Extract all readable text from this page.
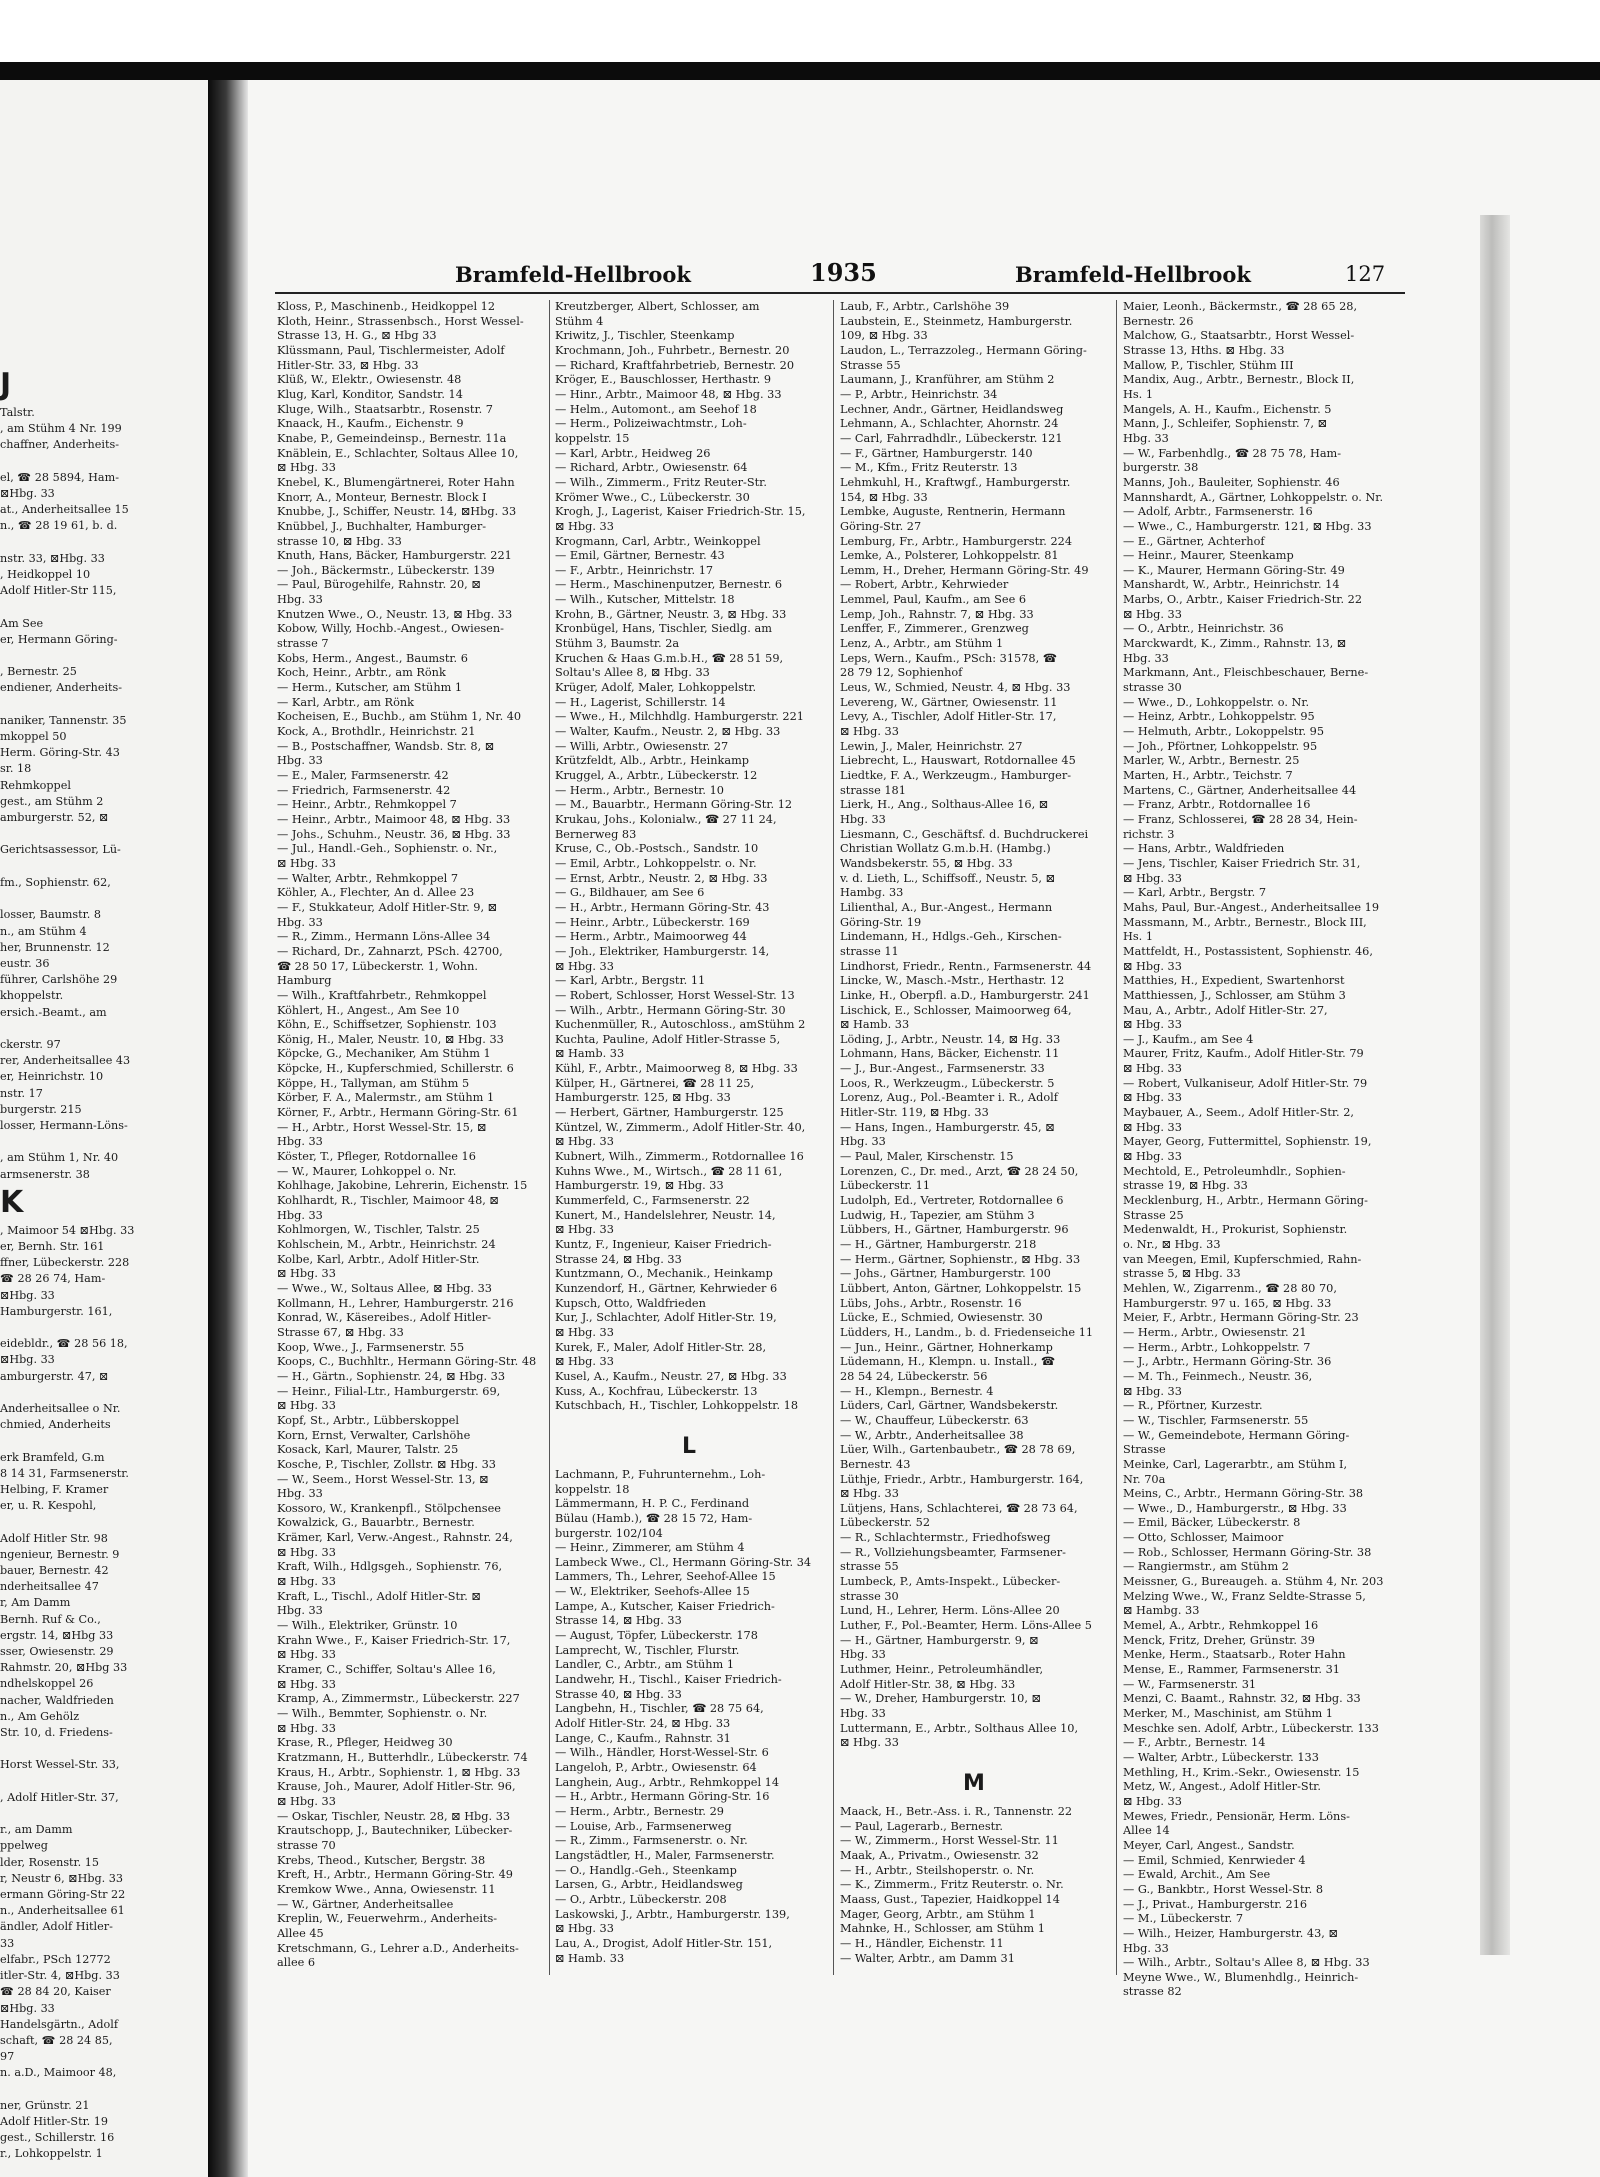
J
Talstr.
, am Stühm 4 Nr. 199
chaffner, Anderheits-

el, ☎ 28 5894, Ham-
⊠Hbg. 33
at., Anderheitsallee 15
n., ☎ 28 19 61, b. d.

nstr. 33, ⊠Hbg. 33
, Heidkoppel 10
Adolf Hitler-Str 115,

Am See
er, Hermann Göring-

, Bernestr. 25
endiener, Anderheits-

naniker, Tannenstr. 35
mkoppel 50
Herm. Göring-Str. 43
sr. 18
Rehmkoppel
gest., am Stühm 2
amburgerstr. 52, ⊠

Gerichtsassessor, Lü-

fm., Sophienstr. 62,

losser, Baumstr. 8
n., am Stühm 4
her, Brunnenstr. 12
eustr. 36
führer, Carlshöhe 29
khoppelstr.
ersich.-Beamt., am

ckerstr. 97
rer, Anderheitsallee 43
er, Heinrichstr. 10
nstr. 17
burgerstr. 215
losser, Hermann-Löns-

, am Stühm 1, Nr. 40
armsenerstr. 38
K
, Maimoor 54 ⊠Hbg. 33
er, Bernh. Str. 161
ffner, Lübeckerstr. 228
☎ 28 26 74, Ham-
⊠Hbg. 33
Hamburgerstr. 161,

eidebldr., ☎ 28 56 18,
⊠Hbg. 33
amburgerstr. 47, ⊠

Anderheitsallee o Nr.
chmied, Anderheits

erk Bramfeld, G.m
8 14 31, Farmsenerstr.
Helbing, F. Kramer
er, u. R. Kespohl,

Adolf Hitler Str. 98
ngenieur, Bernestr. 9
bauer, Bernestr. 42
nderheitsallee 47
r, Am Damm
Bernh. Ruf & Co.,
ergstr. 14, ⊠Hbg 33
sser, Owiesenstr. 29
Rahmstr. 20, ⊠Hbg 33
ndhelskoppel 26
nacher, Waldfrieden
n., Am Gehölz
Str. 10, d. Friedens-

Horst Wessel-Str. 33,

, Adolf Hitler-Str. 37,

r., am Damm
ppelweg
lder, Rosenstr. 15
r, Neustr 6, ⊠Hbg. 33
ermann Göring-Str 22
n., Anderheitsallee 61
ändler, Adolf Hitler-
33
elfabr., PSch 12772
itler-Str. 4, ⊠Hbg. 33
☎ 28 84 20, Kaiser
⊠Hbg. 33
Handelsgärtn., Adolf
schaft, ☎ 28 24 85,
97
n. a.D., Maimoor 48,

ner, Grünstr. 21
Adolf Hitler-Str. 19
gest., Schillerstr. 16
r., Lohkoppelstr. 1
Bramfeld-Hellbrook	1935	Bramfeld-Hellbrook	127
Kloss, P., Maschinenb., Heidkoppel 12
Kloth, Heinr., Strassenbsch., Horst Wessel-
Strasse 13, H. G., ⊠ Hbg 33
Klüssmann, Paul, Tischlermeister, Adolf
Hitler-Str. 33, ⊠ Hbg. 33
Klüß, W., Elektr., Owiesenstr. 48
Klug, Karl, Konditor, Sandstr. 14
Kluge, Wilh., Staatsarbtr., Rosenstr. 7
Knaack, H., Kaufm., Eichenstr. 9
Knabe, P., Gemeindeinsp., Bernestr. 11a
Knäblein, E., Schlachter, Soltaus Allee 10,
⊠ Hbg. 33
Knebel, K., Blumengärtnerei, Roter Hahn
Knorr, A., Monteur, Bernestr. Block I
Knubbe, J., Schiffer, Neustr. 14, ⊠Hbg. 33
Knübbel, J., Buchhalter, Hamburger-
strasse 10, ⊠ Hbg. 33
Knuth, Hans, Bäcker, Hamburgerstr. 221
— Joh., Bäckermstr., Lübeckerstr. 139
— Paul, Bürogehilfe, Rahnstr. 20, ⊠
Hbg. 33
Knutzen Wwe., O., Neustr. 13, ⊠ Hbg. 33
Kobow, Willy, Hochb.-Angest., Owiesen-
strasse 7
Kobs, Herm., Angest., Baumstr. 6
Koch, Heinr., Arbtr., am Rönk
— Herm., Kutscher, am Stühm 1
— Karl, Arbtr., am Rönk
Kocheisen, E., Buchb., am Stühm 1, Nr. 40
Kock, A., Brothdlr., Heinrichstr. 21
— B., Postschaffner, Wandsb. Str. 8, ⊠
Hbg. 33
— E., Maler, Farmsenerstr. 42
— Friedrich, Farmsenerstr. 42
— Heinr., Arbtr., Rehmkoppel 7
— Heinr., Arbtr., Maimoor 48, ⊠ Hbg. 33
— Johs., Schuhm., Neustr. 36, ⊠ Hbg. 33
— Jul., Handl.-Geh., Sophienstr. o. Nr.,
⊠ Hbg. 33
— Walter, Arbtr., Rehmkoppel 7
Köhler, A., Flechter, An d. Allee 23
— F., Stukkateur, Adolf Hitler-Str. 9, ⊠
Hbg. 33
— R., Zimm., Hermann Löns-Allee 34
— Richard, Dr., Zahnarzt, PSch. 42700,
☎ 28 50 17, Lübeckerstr. 1, Wohn.
Hamburg
— Wilh., Kraftfahrbetr., Rehmkoppel
Köhlert, H., Angest., Am See 10
Köhn, E., Schiffsetzer, Sophienstr. 103
König, H., Maler, Neustr. 10, ⊠ Hbg. 33
Köpcke, G., Mechaniker, Am Stühm 1
Köpcke, H., Kupferschmied, Schillerstr. 6
Köppe, H., Tallyman, am Stühm 5
Körber, F. A., Malermstr., am Stühm 1
Körner, F., Arbtr., Hermann Göring-Str. 61
— H., Arbtr., Horst Wessel-Str. 15, ⊠
Hbg. 33
Köster, T., Pfleger, Rotdornallee 16
— W., Maurer, Lohkoppel o. Nr.
Kohlhage, Jakobine, Lehrerin, Eichenstr. 15
Kohlhardt, R., Tischler, Maimoor 48, ⊠
Hbg. 33
Kohlmorgen, W., Tischler, Talstr. 25
Kohlschein, M., Arbtr., Heinrichstr. 24
Kolbe, Karl, Arbtr., Adolf Hitler-Str.
⊠ Hbg. 33
— Wwe., W., Soltaus Allee, ⊠ Hbg. 33
Kollmann, H., Lehrer, Hamburgerstr. 216
Konrad, W., Käsereibes., Adolf Hitler-
Strasse 67, ⊠ Hbg. 33
Koop, Wwe., J., Farmsenerstr. 55
Koops, C., Buchhltr., Hermann Göring-Str. 48
— H., Gärtn., Sophienstr. 24, ⊠ Hbg. 33
— Heinr., Filial-Ltr., Hamburgerstr. 69,
⊠ Hbg. 33
Kopf, St., Arbtr., Lübberskoppel
Korn, Ernst, Verwalter, Carlshöhe
Kosack, Karl, Maurer, Talstr. 25
Kosche, P., Tischler, Zollstr. ⊠ Hbg. 33
— W., Seem., Horst Wessel-Str. 13, ⊠
Hbg. 33
Kossoro, W., Krankenpfl., Stölpchensee
Kowalzick, G., Bauarbtr., Bernestr.
Krämer, Karl, Verw.-Angest., Rahnstr. 24,
⊠ Hbg. 33
Kraft, Wilh., Hdlgsgeh., Sophienstr. 76,
⊠ Hbg. 33
Kraft, L., Tischl., Adolf Hitler-Str. ⊠
Hbg. 33
— Wilh., Elektriker, Grünstr. 10
Krahn Wwe., F., Kaiser Friedrich-Str. 17,
⊠ Hbg. 33
Kramer, C., Schiffer, Soltau's Allee 16,
⊠ Hbg. 33
Kramp, A., Zimmermstr., Lübeckerstr. 227
— Wilh., Bemmter, Sophienstr. o. Nr.
⊠ Hbg. 33
Krase, R., Pfleger, Heidweg 30
Kratzmann, H., Butterhdlr., Lübeckerstr. 74
Kraus, H., Arbtr., Sophienstr. 1, ⊠ Hbg. 33
Krause, Joh., Maurer, Adolf Hitler-Str. 96,
⊠ Hbg. 33
— Oskar, Tischler, Neustr. 28, ⊠ Hbg. 33
Krautschopp, J., Bautechniker, Lübecker-
strasse 70
Krebs, Theod., Kutscher, Bergstr. 38
Kreft, H., Arbtr., Hermann Göring-Str. 49
Kremkow Wwe., Anna, Owiesenstr. 11
— W., Gärtner, Anderheitsallee
Kreplin, W., Feuerwehrm., Anderheits-
Allee 45
Kretschmann, G., Lehrer a.D., Anderheits-
allee 6
Kreutzberger, Albert, Schlosser, am
Stühm 4
Kriwitz, J., Tischler, Steenkamp
Krochmann, Joh., Fuhrbetr., Bernestr. 20
— Richard, Kraftfahrbetrieb, Bernestr. 20
Kröger, E., Bauschlosser, Herthastr. 9
— Hinr., Arbtr., Maimoor 48, ⊠ Hbg. 33
— Helm., Automont., am Seehof 18
— Herm., Polizeiwachtmstr., Loh-
koppelstr. 15
— Karl, Arbtr., Heidweg 26
— Richard, Arbtr., Owiesenstr. 64
— Wilh., Zimmerm., Fritz Reuter-Str.
Krömer Wwe., C., Lübeckerstr. 30
Krogh, J., Lagerist, Kaiser Friedrich-Str. 15,
⊠ Hbg. 33
Krogmann, Carl, Arbtr., Weinkoppel
— Emil, Gärtner, Bernestr. 43
— F., Arbtr., Heinrichstr. 17
— Herm., Maschinenputzer, Bernestr. 6
— Wilh., Kutscher, Mittelstr. 18
Krohn, B., Gärtner, Neustr. 3, ⊠ Hbg. 33
Kronbügel, Hans, Tischler, Siedlg. am
Stühm 3, Baumstr. 2a
Kruchen & Haas G.m.b.H., ☎ 28 51 59,
Soltau's Allee 8, ⊠ Hbg. 33
Krüger, Adolf, Maler, Lohkoppelstr.
— H., Lagerist, Schillerstr. 14
— Wwe., H., Milchhdlg. Hamburgerstr. 221
— Walter, Kaufm., Neustr. 2, ⊠ Hbg. 33
— Willi, Arbtr., Owiesenstr. 27
Krützfeldt, Alb., Arbtr., Heinkamp
Kruggel, A., Arbtr., Lübeckerstr. 12
— Herm., Arbtr., Bernestr. 10
— M., Bauarbtr., Hermann Göring-Str. 12
Krukau, Johs., Kolonialw., ☎ 27 11 24,
Bernerweg 83
Kruse, C., Ob.-Postsch., Sandstr. 10
— Emil, Arbtr., Lohkoppelstr. o. Nr.
— Ernst, Arbtr., Neustr. 2, ⊠ Hbg. 33
— G., Bildhauer, am See 6
— H., Arbtr., Hermann Göring-Str. 43
— Heinr., Arbtr., Lübeckerstr. 169
— Herm., Arbtr., Maimoorweg 44
— Joh., Elektriker, Hamburgerstr. 14,
⊠ Hbg. 33
— Karl, Arbtr., Bergstr. 11
— Robert, Schlosser, Horst Wessel-Str. 13
— Wilh., Arbtr., Hermann Göring-Str. 30
Kuchenmüller, R., Autoschloss., amStühm 2
Kuchta, Pauline, Adolf Hitler-Strasse 5,
⊠ Hamb. 33
Kühl, F., Arbtr., Maimoorweg 8, ⊠ Hbg. 33
Külper, H., Gärtnerei, ☎ 28 11 25,
Hamburgerstr. 125, ⊠ Hbg. 33
— Herbert, Gärtner, Hamburgerstr. 125
Küntzel, W., Zimmerm., Adolf Hitler-Str. 40,
⊠ Hbg. 33
Kubnert, Wilh., Zimmerm., Rotdornallee 16
Kuhns Wwe., M., Wirtsch., ☎ 28 11 61,
Hamburgerstr. 19, ⊠ Hbg. 33
Kummerfeld, C., Farmsenerstr. 22
Kunert, M., Handelslehrer, Neustr. 14,
⊠ Hbg. 33
Kuntz, F., Ingenieur, Kaiser Friedrich-
Strasse 24, ⊠ Hbg. 33
Kuntzmann, O., Mechanik., Heinkamp
Kunzendorf, H., Gärtner, Kehrwieder 6
Kupsch, Otto, Waldfrieden
Kur, J., Schlachter, Adolf Hitler-Str. 19,
⊠ Hbg. 33
Kurek, F., Maler, Adolf Hitler-Str. 28,
⊠ Hbg. 33
Kusel, A., Kaufm., Neustr. 27, ⊠ Hbg. 33
Kuss, A., Kochfrau, Lübeckerstr. 13
Kutschbach, H., Tischler, Lohkoppelstr. 18
L
Lachmann, P., Fuhrunternehm., Loh-
koppelstr. 18
Lämmermann, H. P. C., Ferdinand
Bülau (Hamb.), ☎ 28 15 72, Ham-
burgerstr. 102/104
— Heinr., Zimmerer, am Stühm 4
Lambeck Wwe., Cl., Hermann Göring-Str. 34
Lammers, Th., Lehrer, Seehof-Allee 15
— W., Elektriker, Seehofs-Allee 15
Lampe, A., Kutscher, Kaiser Friedrich-
Strasse 14, ⊠ Hbg. 33
— August, Töpfer, Lübeckerstr. 178
Lamprecht, W., Tischler, Flurstr.
Landler, C., Arbtr., am Stühm 1
Landwehr, H., Tischl., Kaiser Friedrich-
Strasse 40, ⊠ Hbg. 33
Langbehn, H., Tischler, ☎ 28 75 64,
Adolf Hitler-Str. 24, ⊠ Hbg. 33
Lange, C., Kaufm., Rahnstr. 31
— Wilh., Händler, Horst-Wessel-Str. 6
Langeloh, P., Arbtr., Owiesenstr. 64
Langhein, Aug., Arbtr., Rehmkoppel 14
— H., Arbtr., Hermann Göring-Str. 16
— Herm., Arbtr., Bernestr. 29
— Louise, Arb., Farmsenerweg
— R., Zimm., Farmsenerstr. o. Nr.
Langstädtler, H., Maler, Farmsenerstr.
— O., Handlg.-Geh., Steenkamp
Larsen, G., Arbtr., Heidlandsweg
— O., Arbtr., Lübeckerstr. 208
Laskowski, J., Arbtr., Hamburgerstr. 139,
⊠ Hbg. 33
Lau, A., Drogist, Adolf Hitler-Str. 151,
⊠ Hamb. 33
Laub, F., Arbtr., Carlshöhe 39
Laubstein, E., Steinmetz, Hamburgerstr.
109, ⊠ Hbg. 33
Laudon, L., Terrazzoleg., Hermann Göring-
Strasse 55
Laumann, J., Kranführer, am Stühm 2
— P., Arbtr., Heinrichstr. 34
Lechner, Andr., Gärtner, Heidlandsweg
Lehmann, A., Schlachter, Ahornstr. 24
— Carl, Fahrradhdlr., Lübeckerstr. 121
— F., Gärtner, Hamburgerstr. 140
— M., Kfm., Fritz Reuterstr. 13
Lehmkuhl, H., Kraftwgf., Hamburgerstr.
154, ⊠ Hbg. 33
Lembke, Auguste, Rentnerin, Hermann
Göring-Str. 27
Lemburg, Fr., Arbtr., Hamburgerstr. 224
Lemke, A., Polsterer, Lohkoppelstr. 81
Lemm, H., Dreher, Hermann Göring-Str. 49
— Robert, Arbtr., Kehrwieder
Lemmel, Paul, Kaufm., am See 6
Lemp, Joh., Rahnstr. 7, ⊠ Hbg. 33
Lenffer, F., Zimmerer., Grenzweg
Lenz, A., Arbtr., am Stühm 1
Leps, Wern., Kaufm., PSch: 31578, ☎
28 79 12, Sophienhof
Leus, W., Schmied, Neustr. 4, ⊠ Hbg. 33
Levereng, W., Gärtner, Owiesenstr. 11
Levy, A., Tischler, Adolf Hitler-Str. 17,
⊠ Hbg. 33
Lewin, J., Maler, Heinrichstr. 27
Liebrecht, L., Hauswart, Rotdornallee 45
Liedtke, F. A., Werkzeugm., Hamburger-
strasse 181
Lierk, H., Ang., Solthaus-Allee 16, ⊠
Hbg. 33
Liesmann, C., Geschäftsf. d. Buchdruckerei
Christian Wollatz G.m.b.H. (Hambg.)
Wandsbekerstr. 55, ⊠ Hbg. 33
v. d. Lieth, L., Schiffsoff., Neustr. 5, ⊠
Hambg. 33
Lilienthal, A., Bur.-Angest., Hermann
Göring-Str. 19
Lindemann, H., Hdlgs.-Geh., Kirschen-
strasse 11
Lindhorst, Friedr., Rentn., Farmsenerstr. 44
Lincke, W., Masch.-Mstr., Herthastr. 12
Linke, H., Oberpfl. a.D., Hamburgerstr. 241
Lischick, E., Schlosser, Maimoorweg 64,
⊠ Hamb. 33
Löding, J., Arbtr., Neustr. 14, ⊠ Hg. 33
Lohmann, Hans, Bäcker, Eichenstr. 11
— J., Bur.-Angest., Farmsenerstr. 33
Loos, R., Werkzeugm., Lübeckerstr. 5
Lorenz, Aug., Pol.-Beamter i. R., Adolf
Hitler-Str. 119, ⊠ Hbg. 33
— Hans, Ingen., Hamburgerstr. 45, ⊠
Hbg. 33
— Paul, Maler, Kirschenstr. 15
Lorenzen, C., Dr. med., Arzt, ☎ 28 24 50,
Lübeckerstr. 11
Ludolph, Ed., Vertreter, Rotdornallee 6
Ludwig, H., Tapezier, am Stühm 3
Lübbers, H., Gärtner, Hamburgerstr. 96
— H., Gärtner, Hamburgerstr. 218
— Herm., Gärtner, Sophienstr., ⊠ Hbg. 33
— Johs., Gärtner, Hamburgerstr. 100
Lübbert, Anton, Gärtner, Lohkoppelstr. 15
Lübs, Johs., Arbtr., Rosenstr. 16
Lücke, E., Schmied, Owiesenstr. 30
Lüdders, H., Landm., b. d. Friedenseiche 11
— Jun., Heinr., Gärtner, Hohnerkamp
Lüdemann, H., Klempn. u. Install., ☎
28 54 24, Lübeckerstr. 56
— H., Klempn., Bernestr. 4
Lüders, Carl, Gärtner, Wandsbekerstr.
— W., Chauffeur, Lübeckerstr. 63
— W., Arbtr., Anderheitsallee 38
Lüer, Wilh., Gartenbaubetr., ☎ 28 78 69,
Bernestr. 43
Lüthje, Friedr., Arbtr., Hamburgerstr. 164,
⊠ Hbg. 33
Lütjens, Hans, Schlachterei, ☎ 28 73 64,
Lübeckerstr. 52
— R., Schlachtermstr., Friedhofsweg
— R., Vollziehungsbeamter, Farmsener-
strasse 55
Lumbeck, P., Amts-Inspekt., Lübecker-
strasse 30
Lund, H., Lehrer, Herm. Löns-Allee 20
Luther, F., Pol.-Beamter, Herm. Löns-Allee 5
— H., Gärtner, Hamburgerstr. 9, ⊠
Hbg. 33
Luthmer, Heinr., Petroleumhändler,
Adolf Hitler-Str. 38, ⊠ Hbg. 33
— W., Dreher, Hamburgerstr. 10, ⊠
Hbg. 33
Luttermann, E., Arbtr., Solthaus Allee 10,
⊠ Hbg. 33
M
Maack, H., Betr.-Ass. i. R., Tannenstr. 22
— Paul, Lagerarb., Bernestr.
— W., Zimmerm., Horst Wessel-Str. 11
Maak, A., Privatm., Owiesenstr. 32
— H., Arbtr., Steilshoperstr. o. Nr.
— K., Zimmerm., Fritz Reuterstr. o. Nr.
Maass, Gust., Tapezier, Haidkoppel 14
Mager, Georg, Arbtr., am Stühm 1
Mahnke, H., Schlosser, am Stühm 1
— H., Händler, Eichenstr. 11
— Walter, Arbtr., am Damm 31
Maier, Leonh., Bäckermstr., ☎ 28 65 28,
Bernestr. 26
Malchow, G., Staatsarbtr., Horst Wessel-
Strasse 13, Hths. ⊠ Hbg. 33
Mallow, P., Tischler, Stühm III
Mandix, Aug., Arbtr., Bernestr., Block II,
Hs. 1
Mangels, A. H., Kaufm., Eichenstr. 5
Mann, J., Schleifer, Sophienstr. 7, ⊠
Hbg. 33
— W., Farbenhdlg., ☎ 28 75 78, Ham-
burgerstr. 38
Manns, Joh., Bauleiter, Sophienstr. 46
Mannshardt, A., Gärtner, Lohkoppelstr. o. Nr.
— Adolf, Arbtr., Farmsenerstr. 16
— Wwe., C., Hamburgerstr. 121, ⊠ Hbg. 33
— E., Gärtner, Achterhof
— Heinr., Maurer, Steenkamp
— K., Maurer, Hermann Göring-Str. 49
Manshardt, W., Arbtr., Heinrichstr. 14
Marbs, O., Arbtr., Kaiser Friedrich-Str. 22
⊠ Hbg. 33
— O., Arbtr., Heinrichstr. 36
Marckwardt, K., Zimm., Rahnstr. 13, ⊠
Hbg. 33
Markmann, Ant., Fleischbeschauer, Berne-
strasse 30
— Wwe., D., Lohkoppelstr. o. Nr.
— Heinz, Arbtr., Lohkoppelstr. 95
— Helmuth, Arbtr., Lokoppelstr. 95
— Joh., Pförtner, Lohkoppelstr. 95
Marler, W., Arbtr., Bernestr. 25
Marten, H., Arbtr., Teichstr. 7
Martens, C., Gärtner, Anderheitsallee 44
— Franz, Arbtr., Rotdornallee 16
— Franz, Schlosserei, ☎ 28 28 34, Hein-
richstr. 3
— Hans, Arbtr., Waldfrieden
— Jens, Tischler, Kaiser Friedrich Str. 31,
⊠ Hbg. 33
— Karl, Arbtr., Bergstr. 7
Mahs, Paul, Bur.-Angest., Anderheitsallee 19
Massmann, M., Arbtr., Bernestr., Block III,
Hs. 1
Mattfeldt, H., Postassistent, Sophienstr. 46,
⊠ Hbg. 33
Matthies, H., Expedient, Swartenhorst
Matthiessen, J., Schlosser, am Stühm 3
Mau, A., Arbtr., Adolf Hitler-Str. 27,
⊠ Hbg. 33
— J., Kaufm., am See 4
Maurer, Fritz, Kaufm., Adolf Hitler-Str. 79
⊠ Hbg. 33
— Robert, Vulkaniseur, Adolf Hitler-Str. 79
⊠ Hbg. 33
Maybauer, A., Seem., Adolf Hitler-Str. 2,
⊠ Hbg. 33
Mayer, Georg, Futtermittel, Sophienstr. 19,
⊠ Hbg. 33
Mechtold, E., Petroleumhdlr., Sophien-
strasse 19, ⊠ Hbg. 33
Mecklenburg, H., Arbtr., Hermann Göring-
Strasse 25
Medenwaldt, H., Prokurist, Sophienstr.
o. Nr., ⊠ Hbg. 33
van Meegen, Emil, Kupferschmied, Rahn-
strasse 5, ⊠ Hbg. 33
Mehlen, W., Zigarrenm., ☎ 28 80 70,
Hamburgerstr. 97 u. 165, ⊠ Hbg. 33
Meier, F., Arbtr., Hermann Göring-Str. 23
— Herm., Arbtr., Owiesenstr. 21
— Herm., Arbtr., Lohkoppelstr. 7
— J., Arbtr., Hermann Göring-Str. 36
— M. Th., Feinmech., Neustr. 36,
⊠ Hbg. 33
— R., Pförtner, Kurzestr.
— W., Tischler, Farmsenerstr. 55
— W., Gemeindebote, Hermann Göring-
Strasse
Meinke, Carl, Lagerarbtr., am Stühm I,
Nr. 70a
Meins, C., Arbtr., Hermann Göring-Str. 38
— Wwe., D., Hamburgerstr., ⊠ Hbg. 33
— Emil, Bäcker, Lübeckerstr. 8
— Otto, Schlosser, Maimoor
— Rob., Schlosser, Hermann Göring-Str. 38
— Rangiermstr., am Stühm 2
Meissner, G., Bureaugeh. a. Stühm 4, Nr. 203
Melzing Wwe., W., Franz Seldte-Strasse 5,
⊠ Hambg. 33
Memel, A., Arbtr., Rehmkoppel 16
Menck, Fritz, Dreher, Grünstr. 39
Menke, Herm., Staatsarb., Roter Hahn
Mense, E., Rammer, Farmsenerstr. 31
— W., Farmsenerstr. 31
Menzi, C. Baamt., Rahnstr. 32, ⊠ Hbg. 33
Merker, M., Maschinist, am Stühm 1
Meschke sen. Adolf, Arbtr., Lübeckerstr. 133
— F., Arbtr., Bernestr. 14
— Walter, Arbtr., Lübeckerstr. 133
Methling, H., Krim.-Sekr., Owiesenstr. 15
Metz, W., Angest., Adolf Hitler-Str.
⊠ Hbg. 33
Mewes, Friedr., Pensionär, Herm. Löns-
Allee 14
Meyer, Carl, Angest., Sandstr.
— Emil, Schmied, Kenrwieder 4
— Ewald, Archit., Am See
— G., Bankbtr., Horst Wessel-Str. 8
— J., Privat., Hamburgerstr. 216
— M., Lübeckerstr. 7
— Wilh., Heizer, Hamburgerstr. 43, ⊠
Hbg. 33
— Wilh., Arbtr., Soltau's Allee 8, ⊠ Hbg. 33
Meyne Wwe., W., Blumenhdlg., Heinrich-
strasse 82
